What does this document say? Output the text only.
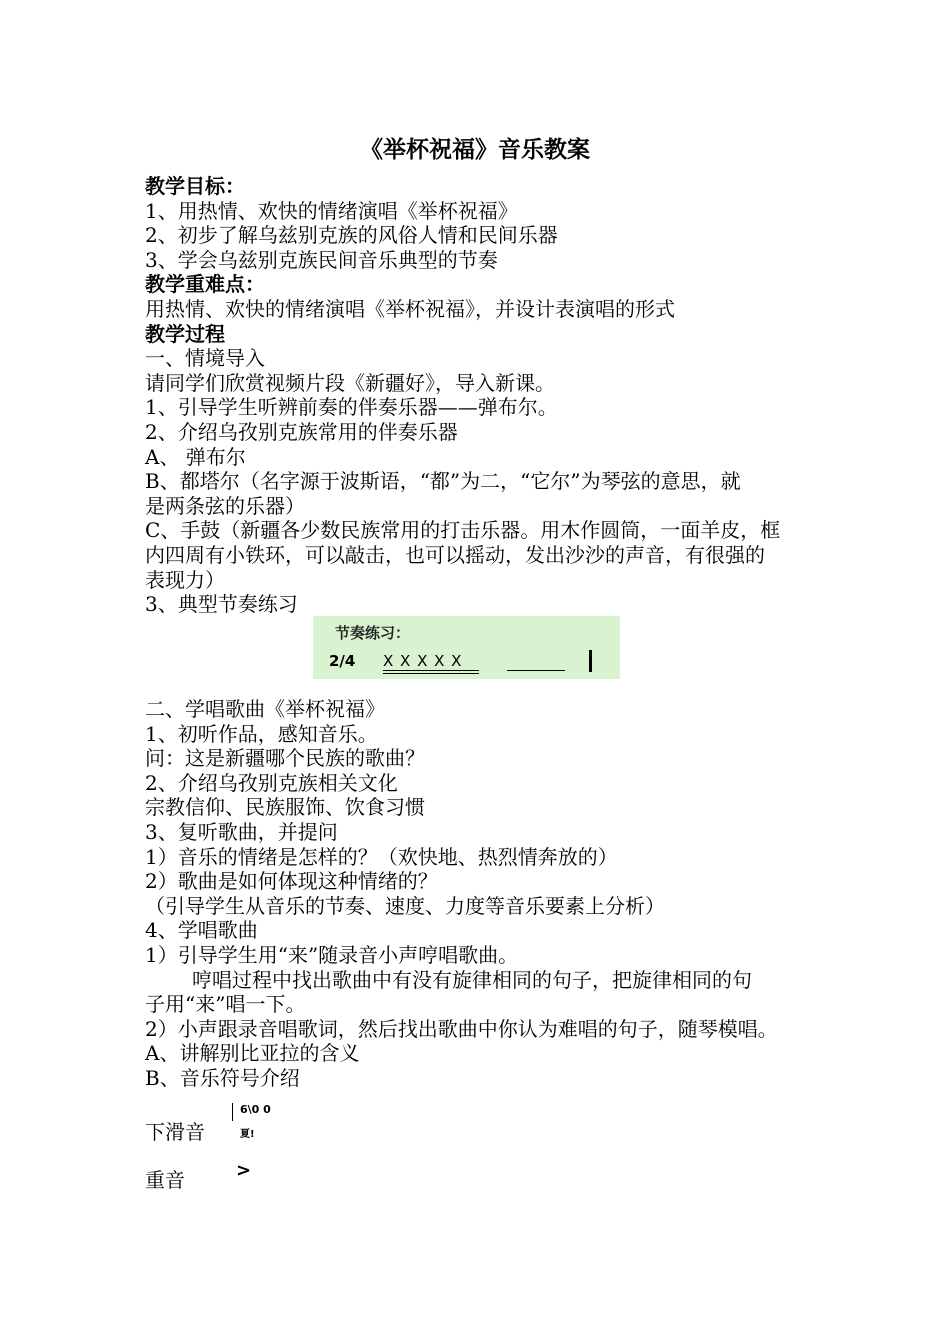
《举杯祝福》音乐教案
教学目标：
1、用热情、欢快的情绪演唱《举杯祝福》
2、初步了解乌兹别克族的风俗人情和民间乐器
3、学会乌兹别克族民间音乐典型的节奏
教学重难点：
用热情、欢快的情绪演唱《举杯祝福》，并设计表演唱的形式
教学过程
一、情境导入
请同学们欣赏视频片段《新疆好》，导入新课。
1、引导学生听辨前奏的伴奏乐器——弹布尔。
2、介绍乌孜别克族常用的伴奏乐器
A、 弹布尔
B、都塔尔（名字源于波斯语，“都”为二，“它尔”为琴弦的意思，就
是两条弦的乐器）
C、手鼓（新疆各少数民族常用的打击乐器。用木作圆筒，一面羊皮，框
内四周有小铁环，可以敲击，也可以摇动，发出沙沙的声音，有很强的
表现力）
3、典型节奏练习
节奏练习：
2/4 X X X X X
二、学唱歌曲《举杯祝福》
1、初听作品，感知音乐。
问：这是新疆哪个民族的歌曲？
2、介绍乌孜别克族相关文化
宗教信仰、民族服饰、饮食习惯
3、复听歌曲，并提问
1）音乐的情绪是怎样的？（欢快地、热烈情奔放的）
2）歌曲是如何体现这种情绪的？
（引导学生从音乐的节奏、速度、力度等音乐要素上分析）
4、学唱歌曲
1）引导学生用“来”随录音小声哼唱歌曲。
哼唱过程中找出歌曲中有没有旋律相同的句子，把旋律相同的句
子用“来”唱一下。
2）小声跟录音唱歌词，然后找出歌曲中你认为难唱的句子，随琴模唱。
A、讲解别比亚拉的含义
B、音乐符号介绍
下滑音
6\0 0
夏!
重音	>
